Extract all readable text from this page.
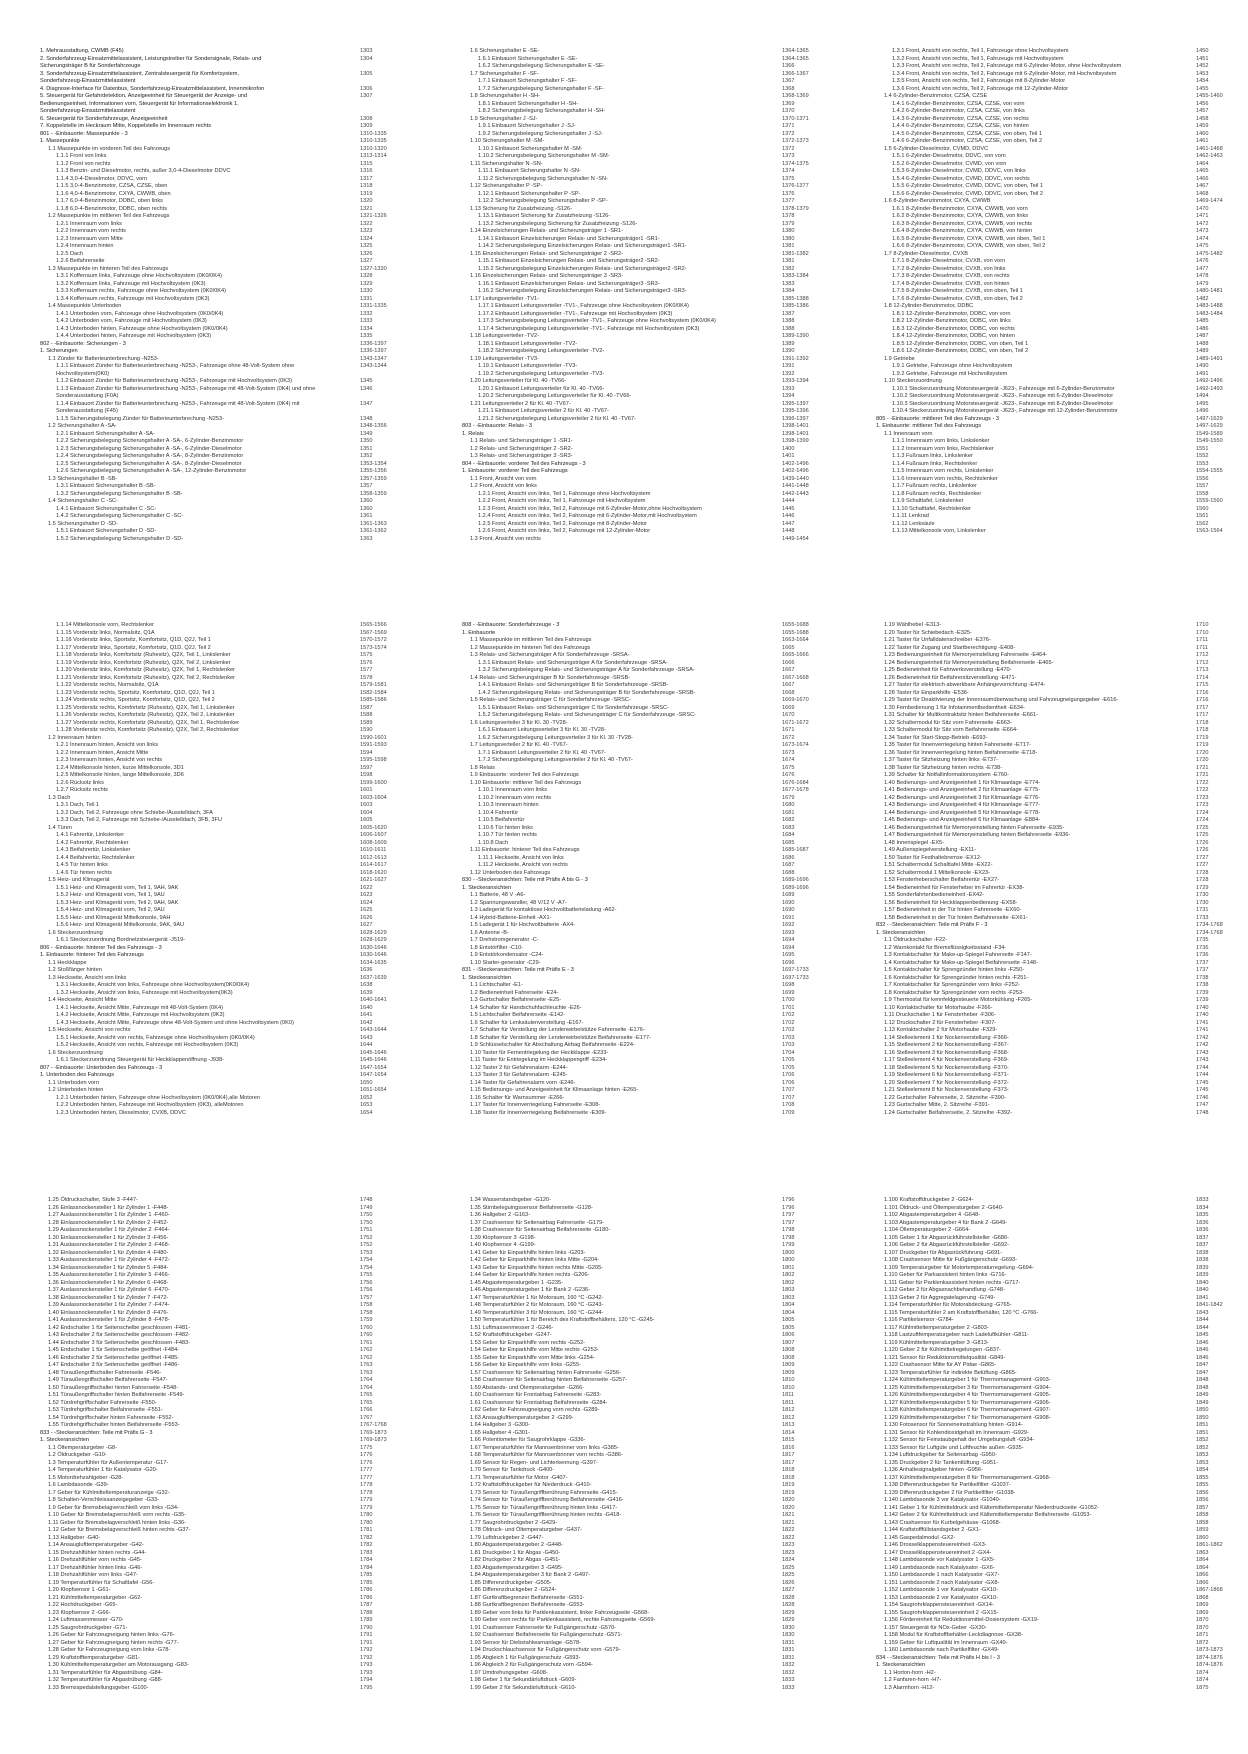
1. Mehrausstattung, CWMB (F45)	1303
2. Sonderfahrzeug-Einsatzmittelassistent, Leistungstreiber für Sondersignale, Relais- und	1304
Sicherungsträger B für Sonderfahrzeuge
3. Sonderfahrzeug-Einsatzmittelassistent, Zentralsteuergerät für Komfortsystem,	1305
Sonderfahrzeug-Einsatzmittelassistent
4. Diagnose-Interface für Datenbus, Sonderfahrzeug-Einsatzmittelassistent, Innenmikrofon	1306
5. Steuergerät für Gefahrdetektion, Anzeigeeinheit für Steuergerät der Anzeige- und	1307
Bedienungseinheit, Informationen vorn, Steuergerät für Informationselektronik 1,
Sonderfahrzeug-Einsatzmittelassistent
6. Steuergerät für Sonderfahrzeuge, Anzeigeeinheit	1308
7. Koppelstelle im Heckraum Mitte, Koppelstelle im Innenraum rechts	1309
801 - -Einbauorte: Massepunkte - 3	1310-1335
1. Massepunkte	1310-1335
1.1 Massepunkte im vorderen Teil des Fahrzeugs	1310-1320
1.1.1 Front von links	1313-1314
1.1.2 Front von rechts	1315
1.1.3 Benzin- und Dieselmotor, rechts, außer 3,0-4-Dieselmotor DDVC	1316
1.1.4 3,0-4-Dieselmotor, DDVC, vorn	1317
1.1.5 3,0-4-Benzinmotor, CZSA, CZSE, oben	1318
1.1.6 4,0-4-Benzinmotor, CXYA, CWWB, oben	1319
1.1.7 6,0-4-Benzinmotor, DDBC, oben links	1320
1.1.8 6,0-4-Benzinmotor, DDBC, oben rechts	1321
1.2 Massepunkte im mittleren Teil des Fahrzeugs	1321-1326
1.2.1 Innenraum vorn links	1322
1.2.2 Innenraum vorn rechts	1323
1.2.3 Innenraum vorn Mitte	1324
1.2.4 Innenraum hinten	1325
1.2.5 Dach	1326
1.2.6 Beifahrerseite	1327
1.3 Massepunkte im hinteren Teil des Fahrzeugs	1327-1330
1.3.1 Kofferraum links, Fahrzeuge ohne Hochvoltsystem (0K0/0K4)	1328
1.3.2 Kofferraum links, Fahrzeuge mit Hochvoltsystem (0K3)	1329
1.3.3 Kofferraum rechts, Fahrzeuge ohne Hochvoltsystem (0K0/0K4)	1330
1.3.4 Kofferraum rechts, Fahrzeuge mit Hochvoltsystem (0K3)	1331
1.4 Massepunkte Unterboden	1331-1335
1.4.1 Unterboden vorn, Fahrzeuge ohne Hochvoltsystem (0K0/0K4)	1332
1.4.2 Unterboden vorn, Fahrzeuge mit Hochvoltsystem (0K3)	1333
1.4.3 Unterboden hinten, Fahrzeuge ohne Hochvoltsystem (0K0/0K4)	1334
1.4.4 Unterboden hinten, Fahrzeuge mit Hochvoltsystem (0K3)	1335
802 - -Einbauorte: Sicherungen - 3	1336-1397
1. Sicherungen	1336-1397
1.1 Zünder für Batterieunterbrechung -N253-	1343-1347
1.1.1 Einbauort Zünder für Batterieunterbrechung -N253-, Fahrzeuge ohne 48-Volt-System ohne	1343-1344
Hochvoltsystem(0K0)
1.1.2 Einbauort Zünder für Batterieunterbrechung -N253-, Fahrzeuge mit Hochvoltsystem (0K3)	1345
1.1.3 Einbauort Zünder für Batterieunterbrechung -N253-, Fahrzeuge mit 48-Volt-System (0K4) und ohne	1346
Sonderausstattung (F0A)
1.1.4 Einbauort Zünder für Batterieunterbrechung -N253-, Fahrzeuge mit 48-Volt-System (0K4) mit	1347
Sonderausstattung (F45)
1.1.5 Sicherungsbelegung Zünder für Batterieunterbrechung -N253-	1348
1.2 Sicherungshalter A -SA-	1348-1356
1.2.1 Einbauort Sicherungshalter A -SA-	1349
1.2.2 Sicherungsbelegung Sicherungshalter A -SA-, 6-Zylinder-Benzinmotor	1350
1.2.3 Sicherungsbelegung Sicherungshalter A -SA-, 6-Zylinder-Dieselmotor	1351
1.2.4 Sicherungsbelegung Sicherungshalter A -SA-, 8-Zylinder-Benzinmotor	1352
1.2.5 Sicherungsbelegung Sicherungshalter A -SA-, 8-Zylinder-Dieselmotor	1353-1354
1.2.6 Sicherungsbelegung Sicherungshalter A -SA-, 12-Zylinder-Benzinmotor	1355-1356
1.3 Sicherungshalter B -SB-	1357-1359
1.3.1 Einbauort Sicherungshalter B -SB-	1357
1.3.2 Sicherungsbelegung Sicherungshalter B -SB-	1358-1359
1.4 Sicherungshalter C -SC-	1360
1.4.1 Einbauort Sicherungshalter C -SC-	1360
1.4.2 Sicherungsbelegung Sicherungshalter C -SC-	1361
1.5 Sicherungshalter D -SD-	1361-1363
1.5.1 Einbauort Sicherungshalter D -SD-	1361-1362
1.5.2 Sicherungsbelegung Sicherungshalter D -SD-	1363
1.6 Sicherungshalter E -SE-	1364-1365
1.6.1 Einbauort Sicherungshalter E -SE-	1364-1365
1.6.2 Sicherungsbelegung Sicherungshalter E -SE-	1366
1.7 Sicherungshalter F -SF-	1366-1367
1.7.1 Einbauort Sicherungshalter F -SF-	1367
1.7.2 Sicherungsbelegung Sicherungshalter F -SF-	1368
1.8 Sicherungshalter H -SH-	1368-1369
1.8.1 Einbauort Sicherungshalter H -SH-	1369
1.8.2 Sicherungsbelegung Sicherungshalter H -SH-	1370
1.9 Sicherungshalter J -SJ-	1370-1371
1.9.1 Einbauort Sicherungshalter J -SJ-	1371
1.9.2 Sicherungsbelegung Sicherungshalter J -SJ-	1372
1.10 Sicherungshalter M -SM-	1372-1373
1.10.1 Einbauort Sicherungshalter M -SM-	1372
1.10.2 Sicherungsbelegung Sicherungshalter M -SM-	1373
1.11 Sicherungshalter N -SN-	1374-1375
1.11.1 Einbauort Sicherungshalter N -SN-	1374
1.11.2 Sicherungsbelegung Sicherungshalter N -SN-	1375
1.12 Sicherungshalter P -SP-	1376-1377
1.12.1 Einbauort Sicherungshalter P -SP-	1376
1.12.2 Sicherungsbelegung Sicherungshalter P -SP-	1377
1.13 Sicherung für Zusatzheizung -S126-	1378-1379
1.13.1 Einbauort Sicherung für Zusatzheizung -S126-	1378
1.13.2 Sicherungsbelegung Sicherung für Zusatzheizung -S126-	1379
1.14 Einzelsicherungen Relais- und Sicherungsträger 1 -SR1-	1380
1.14.1 Einbauort Einzelsicherungen Relais- und Sicherungsträger1 -SR1-	1380
1.14.2 Sicherungsbelegung Einzelsicherungen Relais- und Sicherungsträger1 -SR1-	1381
1.15 Einzelsicherungen Relais- und Sicherungsträger 2 -SR2-	1381-1382
1.15.1 Einbauort Einzelsicherungen Relais- und Sicherungsträger2 -SR2-	1381
1.15.2 Sicherungsbelegung Einzelsicherungen Relais- und Sicherungsträger2 -SR2-	1382
1.16 Einzelsicherungen Relais- und Sicherungsträger 3 -SR3-	1383-1384
1.16.1 Einbauort Einzelsicherungen Relais- und Sicherungsträger3 -SR3-	1383
1.16.2 Sicherungsbelegung Einzelsicherungen Relais- und Sicherungsträger3 -SR3-	1384
1.17 Leitungsverteiler -TV1-	1385-1388
1.17.1 Einbauort Leitungsverteiler -TV1-, Fahrzeuge ohne Hochvoltsystem (0K0/0K4)	1385-1386
1.17.2 Einbauort Leitungsverteiler -TV1-, Fahrzeuge mit Hochvoltsystem (0K3)	1387
1.17.3 Sicherungsbelegung Leitungsverteiler -TV1-, Fahrzeuge ohne Hochvoltsystem (0K0/0K4)	1388
1.17.4 Sicherungsbelegung Leitungsverteiler -TV1-, Fahrzeuge mit Hochvoltsystem (0K3)	1388
1.18 Leitungsverteiler -TV2-	1389-1390
1.18.1 Einbauort Leitungsverteiler -TV2-	1389
1.18.2 Sicherungsbelegung Leitungsverteiler -TV2-	1390
1.19 Leitungsverteiler -TV3-	1391-1392
1.19.1 Einbauort Leitungsverteiler -TV3-	1391
1.19.2 Sicherungsbelegung Leitungsverteiler -TV3-	1392
1.20 Leitungsverteiler für Kl. 40 -TV66-	1393-1394
1.20.1 Einbauort Leitungsverteiler für Kl. 40 -TV66-	1393
1.20.2 Sicherungsbelegung Leitungsverteiler für Kl. 40 -TV66-	1394
1.21 Leitungsverteiler 2 für Kl. 40 -TV67-	1395-1397
1.21.1 Einbauort Leitungsverteiler 2 für Kl. 40 -TV67-	1395-1396
1.21.2 Sicherungsbelegung Leitungsverteiler 2 für Kl. 40 -TV67-	1396-1397
803 - -Einbauorte: Relais - 3	1398-1401
1. Relais	1398-1401
1.1 Relais- und Sicherungsträger 1 -SR1-	1398-1399
1.2 Relais- und Sicherungsträger 2 -SR2-	1400
1.3 Relais- und Sicherungsträger 3 -SR3-	1401
804 - -Einbauorte: vorderer Teil des Fahrzeugs - 3	1402-1496
1. Einbauorte: vorderer Teil des Fahrzeugs	1402-1496
1.1 Front, Ansicht von vorn	1439-1440
1.2 Front, Ansicht von links	1441-1448
1.2.1 Front, Ansicht von links, Teil 1, Fahrzeuge ohne Hochvoltsystem	1442-1443
1.2.2 Front, Ansicht von links, Teil 1, Fahrzeuge mit Hochvoltsystem	1444
1.2.3 Front, Ansicht von links, Teil 2, Fahrzeuge mit 6-Zylinder-Motor,ohne Hochvoltsystem	1445
1.2.4 Front, Ansicht von links, Teil 2, Fahrzeuge mit 6-Zylinder-Motor,mit Hochvoltsystem	1446
1.2.5 Front, Ansicht von links, Teil 2, Fahrzeuge mit 8-Zylinder-Motor	1447
1.2.6 Front, Ansicht von links, Teil 2, Fahrzeuge mit 12-Zylinder-Motor	1448
1.3 Front, Ansicht von rechts	1449-1454
1.3.1 Front, Ansicht von rechts, Teil 1, Fahrzeuge ohne Hochvoltsystem	1450
1.3.2 Front, Ansicht von rechts, Teil 1, Fahrzeuge mit Hochvoltsystem	1451
1.3.3 Front, Ansicht von rechts, Teil 2, Fahrzeuge mit 6-Zylinder-Motor, ohne Hochvoltsystem	1452
1.3.4 Front, Ansicht von rechts, Teil 2, Fahrzeuge mit 6-Zylinder-Motor, mit Hochvoltsystem	1453
1.3.5 Front, Ansicht von rechts, Teil 2, Fahrzeuge mit 8-Zylinder-Motor	1454
1.3.6 Front, Ansicht von rechts, Teil 2, Fahrzeuge mit 12-Zylinder-Motor	1455
1.4 6-Zylinder-Benzinmotor, CZSA, CZSE	1455-1460
1.4.1 6-Zylinder-Benzinmotor, CZSA, CZSE, von vorn	1456
1.4.2 6-Zylinder-Benzinmotor, CZSA, CZSE, von links	1457
1.4.3 6-Zylinder-Benzinmotor, CZSA, CZSE, von rechts	1458
1.4.4 6-Zylinder-Benzinmotor, CZSA, CZSE, von hinten	1459
1.4.5 6-Zylinder-Benzinmotor, CZSA, CZSE, von oben, Teil 1	1460
1.4.6 6-Zylinder-Benzinmotor, CZSA, CZSE, von oben, Teil 2	1461
1.5 6-Zylinder-Dieselmotor, CVMD, DDVC	1461-1468
1.5.1 6-Zylinder-Dieselmotor, DDVC, von vorn	1462-1463
1.5.2 6-Zylinder-Dieselmotor, CVMD, von vorn	1464
1.5.3 6-Zylinder-Dieselmotor, CVMD, DDVC, von links	1465
1.5.4 6-Zylinder-Dieselmotor, CVMD, DDVC, von rechts	1466
1.5.5 6-Zylinder-Dieselmotor, CVMD, DDVC, von oben, Teil 1	1467
1.5.6 6-Zylinder-Dieselmotor, CVMD, DDVC, von oben, Teil 2	1468
1.6 8-Zylinder-Benzinmotor, CXYA, CWWB	1469-1474
1.6.1 8-Zylinder-Benzinmotor, CXYA, CWWB, von vorn	1470
1.6.2 8-Zylinder-Benzinmotor, CXYA, CWWB, von links	1471
1.6.3 8-Zylinder-Benzinmotor, CXYA, CWWB, von rechts	1472
1.6.4 8-Zylinder-Benzinmotor, CXYA, CWWB, von hinten	1473
1.6.5 8-Zylinder-Benzinmotor, CXYA, CWWB, von oben, Teil 1	1474
1.6.6 8-Zylinder-Benzinmotor, CXYA, CWWB, von oben, Teil 2	1475
1.7 8-Zylinder-Dieselmotor, CVXB	1475-1482
1.7.1 8-Zylinder-Dieselmotor, CVXB, von vorn	1476
1.7.2 8-Zylinder-Dieselmotor, CVXB, von links	1477
1.7.3 8-Zylinder-Dieselmotor, CVXB, von rechts	1478
1.7.4 8-Zylinder-Dieselmotor, CVXB, von hinten	1479
1.7.5 8-Zylinder-Dieselmotor, CVXB, von oben, Teil 1	1480-1481
1.7.6 8-Zylinder-Dieselmotor, CVXB, von oben, Teil 2	1482
1.8 12-Zylinder-Benzinmotor, DDBC	1483-1488
1.8.1 12-Zylinder-Benzinmotor, DDBC, von vorn	1483-1484
1.8.2 12-Zylinder-Benzinmotor, DDBC, von links	1485
1.8.3 12-Zylinder-Benzinmotor, DDBC, von rechts	1486
1.8.4 12-Zylinder-Benzinmotor, DDBC, von hinten	1487
1.8.5 12-Zylinder-Benzinmotor, DDBC, von oben, Teil 1	1488
1.8.6 12-Zylinder-Benzinmotor, DDBC, von oben, Teil 2	1489
1.9 Getriebe	1489-1491
1.9.1 Getriebe, Fahrzeuge ohne Hochvoltsystem	1490
1.9.2 Getriebe, Fahrzeuge mit Hochvoltsystem	1491
1.10 Steckerzuordnung	1492-1496
1.10.1 Steckerzuordnung Motorsteuergerät -J623-, Fahrzeuge mit 6-Zylinder-Benzinmotor	1492-1493
1.10.2 Steckerzuordnung Motorsteuergerät -J623-, Fahrzeuge mit 6-Zylinder-Dieselmotor	1494
1.10.3 Steckerzuordnung Motorsteuergerät -J623-, Fahrzeuge mit 8-Zylinder-Dieselmotor	1495
1.10.4 Steckerzuordnung Motorsteuergerät -J623-, Fahrzeuge mit 12-Zylinder-Benzinmotor	1496
805 - -Einbauorte: mittlerer Teil des Fahrzeugs - 3	1497-1629
1. Einbauorte: mittlerer Teil des Fahrzeugs	1497-1629
1.1 Innenraum vorn	1549-1589
1.1.1 Innenraum vorn links, Linkslenker	1549-1550
1.1.2 Innenraum vorn links, Rechtslenker	1551
1.1.3 Fußraum links, Linkslenker	1552
1.1.4 Fußraum links, Rechtslenker	1553
1.1.5 Innenraum vorn rechts, Linkslenker	1554-1555
1.1.6 Innenraum vorn rechts, Rechtslenker	1556
1.1.7 Fußraum rechts, Linkslenker	1557
1.1.8 Fußraum rechts, Rechtslenker	1558
1.1.9 Schalttafel, Linkslenker	1559-1560
1.1.10 Schalttafel, Rechtslenker	1560
1.1.11 Lenkrad	1561
1.1.12 Lenksäule	1562
1.1.13 Mittelkonsole vorn, Linkslenker	1563-1564
1.1.14 Mittelkonsole vorn, Rechtslenker	1565-1566
1.1.15 Vordersitz links, Normalsitz, Q1A	1567-1569
1.1.16 Vordersitz links, Sportsitz, Komfortsitz, Q1D, Q2J, Teil 1	1570-1572
1.1.17 Vordersitz links, Sportsitz, Komfortsitz, Q1D, Q2J, Teil 2	1573-1574
1.1.18 Vordersitz links, Komfortsitz (Ruhesitz), Q2X, Teil 1, Linkslenker	1575
1.1.19 Vordersitz links, Komfortsitz (Ruhesitz), Q2X, Teil 2, Linkslenker	1576
1.1.20 Vordersitz links, Komfortsitz (Ruhesitz), Q2X, Teil 1, Rechtslenker	1577
1.1.21 Vordersitz links, Komfortsitz (Ruhesitz), Q2X, Teil 2, Rechtslenker	1578
1.1.22 Vordersitz rechts, Normalsitz, Q1A	1579-1581
1.1.23 Vordersitz rechts, Sportsitz, Komfortsitz, Q1D, Q2J, Teil 1	1582-1584
1.1.24 Vordersitz rechts, Sportsitz, Komfortsitz, Q1D, Q2J, Teil 2	1585-1586
1.1.25 Vordersitz rechts, Komfortsitz (Ruhesitz), Q2X, Teil 1, Linkslenker	1587
1.1.26 Vordersitz rechts, Komfortsitz (Ruhesitz), Q2X, Teil 2, Linkslenker	1588
1.1.27 Vordersitz rechts, Komfortsitz (Ruhesitz), Q2X, Teil 1, Rechtslenker	1589
1.1.28 Vordersitz rechts, Komfortsitz (Ruhesitz), Q2X, Teil 2, Rechtslenker	1590
1.2 Innenraum hinten	1590-1601
1.2.1 Innenraum hinten, Ansicht von links	1591-1593
1.2.2 Innenraum hinten, Ansicht Mitte	1594
1.2.3 Innenraum hinten, Ansicht von rechts	1595-1598
1.2.4 Mittelkonsole hinten, kurze Mittelkonsole, 3D1	1597
1.2.5 Mittelkonsole hinten, lange Mittelkonsole, 3D6	1598
1.2.6 Rücksitz links	1599-1600
1.2.7 Rücksitz rechts	1601
1.3 Dach	1603-1604
1.3.1 Dach, Teil 1	1603
1.3.2 Dach, Teil 2, Fahrzeuge ohne Schiebe-/Ausstelldach, 3FA	1604
1.3.3 Dach, Teil 2, Fahrzeuge mit Schiebe-/Ausstelldach, 3FB, 3FU	1605
1.4 Türen	1605-1620
1.4.1 Fahrertür, Linkslenker	1606-1607
1.4.2 Fahrertür, Rechtslenker	1608-1609
1.4.3 Beifahrertür, Linkslenker	1610-1611
1.4.4 Beifahrertür, Rechtslenker	1612-1613
1.4.5 Tür hinten links	1614-1617
1.4.6 Tür hinten rechts	1618-1620
1.5 Heiz- und Klimagerät	1621-1627
1.5.1 Heiz- und Klimagerät vorn, Teil 1, 9AH, 9AK	1622
1.5.2 Heiz- und Klimagerät vorn, Teil 1, 9AU	1623
1.5.3 Heiz- und Klimagerät vorn, Teil 2, 9AH, 9AK	1624
1.5.4 Heiz- und Klimagerät vorn, Teil 2, 9AU	1625
1.5.5 Heiz- und Klimagerät Mittelkonsole, 9AH	1626
1.5.6 Heiz- und Klimagerät Mittelkonsole, 9AK, 9AU	1627
1.6 Steckerzuordnung	1628-1629
1.6.1 Steckerzuordnung Bordnetzsteuergerät -J519-	1628-1629
806 - -Einbauorte: hinterer Teil des Fahrzeugs - 3	1630-1646
1. Einbauorte: hinterer Teil des Fahrzeugs	1630-1646
1.1 Heckklappe	1634-1635
1.2 Stoßfänger hinten	1636
1.3 Heckseite, Ansicht von links	1637-1639
1.3.1 Heckseite, Ansicht von links, Fahrzeuge ohne Hochvoltsystem(0K0/0K4)	1638
1.3.2 Heckseite, Ansicht von links, Fahrzeuge mit Hochvoltsystem(0K3)	1639
1.4 Heckseite, Ansicht Mitte	1640-1641
1.4.1 Heckseite, Ansicht Mitte, Fahrzeuge mit 48-Volt-System (0K4)	1640
1.4.2 Heckseite, Ansicht Mitte, Fahrzeuge mit Hochvoltsystem (0K3)	1641
1.4.3 Heckseite, Ansicht Mitte, Fahrzeuge ohne 48-Volt-System und ohne Hochvoltsystem (0K0)	1642
1.5 Heckseite, Ansicht von rechts	1643-1644
1.5.1 Heckseite, Ansicht von rechts, Fahrzeuge ohne Hochvoltsystem (0K0/0K4)	1643
1.5.2 Heckseite, Ansicht von rechts, Fahrzeuge mit Hochvoltsystem (0K3)	1644
1.6 Steckerzuordnung	1645-1646
1.6.1 Steckerzuordnung Steuergerät für Heckklappenöffnung -J938-	1645-1646
807 - -Einbauorte: Unterboden des Fahrzeugs - 3	1647-1654
1. Unterboden des Fahrzeugs	1647-1654
1.1 Unterboden vorn	1650
1.2 Unterboden hinten	1651-1654
1.2.1 Unterboden hinten, Fahrzeuge ohne Hochvoltsystem (0K0/0K4),alle Motoren	1652
1.2.2 Unterboden hinten, Fahrzeuge mit Hochvoltsystem (0K3), alleMotoren	1653
1.2.3 Unterboden hinten, Dieselmotor, CVXB, DDVC	1654
808 - -Einbauorte: Sonderfahrzeuge - 3	1655-1688
1. Einbauorte	1655-1688
1.1 Massepunkte im mittleren Teil des Fahrzeugs	1663-1664
1.2 Massepunkte im hinteren Teil des Fahrzeugs	1665
1.3 Relais- und Sicherungsträger A für Sonderfahrzeuge -SRSA-	1665-1666
1.3.1 Einbauort Relais- und Sicherungsträger A für Sonderfahrzeuge -SRSA-	1666
1.3.2 Sicherungsbelegung Relais- und Sicherungsträger A für Sonderfahrzeuge -SRSA-	1667
1.4 Relais- und Sicherungsträger B für Sonderfahrzeuge -SRSB-	1667-1668
1.4.1 Einbauort Relais- und Sicherungsträger B für Sonderfahrzeuge -SRSB-	1667
1.4.2 Sicherungsbelegung Relais- und Sicherungsträger B für Sonderfahrzeuge -SRSB-	1668
1.5 Relais- und Sicherungsträger C für Sonderfahrzeuge -SRSC-	1669-1670
1.5.1 Einbauort Relais- und Sicherungsträger C für Sonderfahrzeuge -SRSC-	1669
1.5.2 Sicherungsbelegung Relais- und Sicherungsträger C für Sonderfahrzeuge -SRSC-	1670
1.6 Leitungsverteiler 3 für Kl. 30 -TV28-	1671-1672
1.6.1 Einbauort Leitungsverteiler 3 für Kl. 30 -TV28-	1671
1.6.2 Sicherungsbelegung Leitungsverteiler 3 für Kl. 30 -TV28-	1672
1.7 Leitungsverteiler 2 für Kl. 40 -TV67-	1673-1674
1.7.1 Einbauort Leitungsverteiler 2 für Kl. 40 -TV67-	1673
1.7.2 Sicherungsbelegung Leitungsverteiler 2 für Kl. 40 -TV67-	1674
1.8 Relais	1675
1.9 Einbauorte: vorderer Teil des Fahrzeugs	1676
1.10 Einbauorte: mittlerer Teil des Fahrzeugs	1676-1684
1.10.1 Innenraum vorn links	1677-1678
1.10.2 Innenraum vorn rechts	1679
1.10.3 Innenraum hinten	1680
1.10.4 Fahrertür	1681
1.10.5 Beifahrertür	1682
1.10.6 Tür hinten links	1683
1.10.7 Tür hinten rechts	1684
1.10.8 Dach	1685
1.11 Einbauorte: hinterer Teil des Fahrzeugs	1685-1687
1.11.1 Heckseite, Ansicht von links	1686
1.11.2 Heckseite, Ansicht von rechts	1687
1.12 Unterboden des Fahrzeugs	1688
830 - -Steckeransichten: Teile mit Präfix A bis G - 3	1689-1696
1. Steckeransichten	1689-1696
1.1 Batterie, 48 V -A6-	1689
1.2 Spannungswandler, 48 V/12 V -A7-	1690
1.3 Ladegerät für kontaktlose Hochvoltbatterieladung -A62-	1690
1.4 Hybrid-Batterie-Einheit -AX1-	1691
1.5 Ladegerät 1 für Hochvoltbatterie -AX4-	1692
1.6 Antenne -B-	1693
1.7 Drehstromgenerator -C-	1694
1.8 Entstörfilter -C10-	1694
1.9 Entstörkondensator -C24-	1695
1.10 Starter-generator -C29-	1696
831 - -Steckeransichten: Teile mit Präfix E - 3	1697-1733
1. Steckeransichten	1697-1733
1.1 Lichtschalter -E1-	1698
1.2 Bedieneinheit Fahrerseite -E24-	1699
1.3 Gurtschalter Beifahrerseite -E25-	1700
1.4 Schalter für Handschuhfachleuchte -E26-	1701
1.5 Lichtschalter Beifahrerseite -E142-	1702
1.6 Schalter für Lenksäulenverstellung -E167-	1702
1.7 Schalter für Verstellung der Lendenwirbelstütze Fahrerseite -E176-	1702
1.8 Schalter für Verstellung der Lendenwirbelstütze Beifahrerseite -E177-	1703
1.9 Schlüsselschalter für Abschaltung Airbag Beifahrerseite -E224-	1703
1.10 Taster für Fernentriegelung der Heckklappe -E233-	1704
1.11 Taster für Entriegelung im Heckklappengriff -E234-	1705
1.12 Taster 2 für Gefahrenalarm -E244-	1705
1.13 Taster 3 für Gefahrenalarm -E245-	1706
1.14 Taster für Gefahrenalarm vorn -E246-	1706
1.15 Bedienungs- und Anzeigeeinheit für Klimaanlage hinten -E265-	1707
1.16 Schalter für Warnsummer -E266-	1707
1.17 Taster für Innenverriegelung Fahrerseite -E308-	1708
1.18 Taster für Innenverriegelung Beifahrerseite -E309-	1709
1.19 Wählhebel -E313-	1710
1.20 Taster für Schiebedach -E325-	1710
1.21 Taster für Unfalldatenschreiber -E376-	1711
1.22 Taster für Zugang und Startberechtigung -E408-	1711
1.23 Bedienungseinheit für Memoryeinstellung Fahrerseite -E464-	1712
1.24 Bedienungseinheit für Memoryeinstellung Beifahrerseite -E465-	1712
1.25 Bedieneinheit für Fahrwerksverstellung -E470-	1713
1.26 Bedieneinheit für Beifahrersitzverstellung -E471-	1714
1.27 Taster für elektrisch abwerkbare Anhängevorrichtung -E474-	1715
1.28 Taster für Einparkhilfe -E536-	1716
1.29 Taster für Deaktivierung der Innenraumüberwachung und Fahrzeugneigungsgeber -E616-	1716
1.30 Fernbedienung 1 für Infotainmentbedientheit -E634-	1717
1.31 Schalter für Multikontraktsitz hinten Beifahrerseite -E661-	1717
1.32 Schaltermodul für Sitz vorn Fahrerseite -E663-	1718
1.33 Schaltermodul für Sitz vorn Beifahrerseite -E664-	1718
1.34 Taster für Start-Stopp-Betrieb -E693-	1719
1.35 Taster für Innenverriegelung hinten Fahrerseite -E717-	1719
1.36 Taster für Innenverriegelung hinten Beifahrerseite -E718-	1720
1.37 Taster für Sitzheizung hinten links -E737-	1720
1.38 Taster für Sitzheizung hinten rechts -E738-	1721
1.39 Schalter für Notfallinformationssystem -E760-	1721
1.40 Bedienungs- und Anzeigeeinheit 1 für Klimaanlage -E774-	1722
1.41 Bedienungs- und Anzeigeeinheit 2 für Klimaanlage -E775-	1722
1.42 Bedienungs- und Anzeigeeinheit 3 für Klimaanlage -E776-	1723
1.43 Bedienungs- und Anzeigeeinheit 4 für Klimaanlage -E777-	1723
1.44 Bedienungs- und Anzeigeeinheit 5 für Klimaanlage -E778-	1724
1.45 Bedienungs- und Anzeigeeinheit 6 für Klimaanlage -E884-	1724
1.46 Bedienungseinheit für Memoryeinstellung hinten Fahrerseite -E935-	1725
1.47 Bedienungseinheit für Memoryeinstellung hinten Beifahrerseite -E936-	1725
1.48 Innenspiegel -EX5-	1726
1.49 Außenspiegelverstellung -EX11-	1726
1.50 Taster für Festhaltebremse -EX12-	1727
1.51 Schaltermodul Schalttafel Mitte -EX22-	1727
1.52 Schaltermodul 1 Mittelkonsole -EX23-	1728
1.53 Fensterheberschalter Beifahrertür -EX27-	1728
1.54 Bedieneinheit für Fensterheber im Fahrertür -EX38-	1729
1.55 Sonderfahrtenbedieneinheit -EX42-	1730
1.56 Bedieneinheit für Heckklappenbedienung -EX58-	1730
1.57 Bedieneinheit in der Tür hinten Fahrerseite -EX60-	1731
1.58 Bedieneinheit in der Tür hinten Beifahrerseite -EX61-	1733
832 - -Steckeransichten: Teile mit Präfix F - 3	1734-1768
1. Steckeransichten	1734-1768
1.1 Öldruckschalter -F22-	1735
1.2 Warnkontakt für Bremsflüssigkeitsstand -F34-	1736
1.3 Kontaktschalter für Make-up-Spiegel Fahrerseite -F147-	1736
1.4 Kontaktschalter für Make-up-Spiegel Beifahrerseite -F148-	1737
1.5 Kontaktschalter für Sprengzünder hinten links -F250-	1737
1.6 Kontaktschalter für Sprengzünder hinten rechts -F251-	1738
1.7 Kontaktschalter für Sprengzünder vorn links -F252-	1738
1.8 Kontaktschalter für Sprengzünder vorn rechts -F253-	1739
1.9 Thermostat für kennfeldgesteuerte Motorkühlung -F265-	1739
1.10 Kontaktschalter für Motorhaube -F266-	1740
1.11 Druckschalter 1 für Fensterheber -F306-	1740
1.12 Druckschalter 2 für Fensterheber -F307-	1741
1.13 Kontaktschalter 2 für Motorhaube -F329-	1741
1.14 Stelleelement 1 für Nockenverstellung -F366-	1742
1.15 Stelleelement 2 für Nockenverstellung -F367-	1742
1.16 Stelleelement 3 für Nockenverstellung -F368-	1743
1.17 Stelleelement 4 für Nockenverstellung -F369-	1743
1.18 Stelleelement 5 für Nockenverstellung -F370-	1744
1.19 Stelleelement 6 für Nockenverstellung -F371-	1744
1.20 Stelleelement 7 für Nockenverstellung -F372-	1745
1.21 Stelleelement 8 für Nockenverstellung -F373-	1745
1.22 Gurtschalter Fahrerseite, 2. Sitzreihe -F390-	1746
1.23 Gurtschalter Mitte, 2. Sitzreihe -F391-	1747
1.24 Gurtschalter Beifahrerseite, 2. Sitzreihe -F392-	1748
1.25 Öldruckschalter, Stufe 3 -F447-	1748
1.26 Einlassnockensteller 1 für Zylinder 1 -F448-	1749
1.27 Auslassnockensteller 1 für Zylinder 1 -F460-	1750
1.28 Einlassnockensteller 1 für Zylinder 2 -F452-	1750
1.29 Auslassnockensteller 1 für Zylinder 2 -F464-	1751
1.30 Einlassnockensteller 1 für Zylinder 3 -F456-	1752
1.31 Auslassnockensteller 1 für Zylinder 3 -F468-	1752
1.32 Einlassnockensteller 1 für Zylinder 4 -F480-	1753
1.33 Auslassnockensteller 1 für Zylinder 4 -F472-	1754
1.34 Einlassnockensteller 1 für Zylinder 5 -F484-	1754
1.35 Auslassnockensteller 1 für Zylinder 5 -F466-	1755
1.36 Einlassnockensteller 1 für Zylinder 6 -F468-	1756
1.37 Auslassnockensteller 1 für Zylinder 6 -F470-	1756
1.38 Einlassnockensteller 1 für Zylinder 7 -F472-	1757
1.39 Auslassnockensteller 1 für Zylinder 7 -F474-	1758
1.40 Einlassnockensteller 1 für Zylinder 8 -F476-	1758
1.41 Auslassnockensteller 1 für Zylinder 8 -F478-	1759
1.42 Endschalter 1 für Seitenschelbe geschlossen -F481-	1760
1.43 Endschalter 2 für Seitenscheibe geschlossen -F482-	1760
1.44 Endschalter 3 für Seitenscheibe geschlossen -F483-	1761
1.45 Endschalter 1 für Seitenscheibe geöffnet -F484-	1762
1.46 Endschalter 2 für Seitenscheibe geöffnet -F485-	1762
1.47 Endschalter 3 für Seitenscheibe geöffnet -F486-	1763
1.48 Türaußengriffschalter Fahrerseite -F546-	1763
1.49 Türaußengriffschalter Beifahrerseite -F547-	1764
1.50 Türaußengriffschalter hinten Fahrerseite -F548-	1764
1.51 Türaußengriffschalter hinten Beifahrerseite -F549-	1765
1.52 Türdrehgriffschalter Fahrerseite -F550-	1765
1.53 Türdrehgriffschalter Beifahrerseite -F551-	1766
1.54 Türdrehgriffschalter hinten Fahrerseite -F552-	1767
1.55 Türdrehgriffschalter hinten Beifahrerseite -F553-	1767-1768
833 - -Steckeransichten: Teile mit Präfix G - 3	1769-1873
1. Steckeransichten	1769-1873
1.1 Öltemperaturgeber -G8-	1775
1.2 Öldruckgeber -G10-	1776
1.3 Temperaturfühler für Außentemperatur -G17-	1776
1.4 Temperaturfühler 1 für Katalysator -G20-	1777
1.5 Motordrehzahlgeber -G28-	1777
1.6 Lambdasonde -G39-	1778
1.7 Geber für Kühlmitteltemperaturanzeige -G32-	1778
1.8 Schalten-Verschleissanzeigegeber -G33-	1779
1.9 Geber für Bremsbelagverschleiß vorn links -G34-	1779
1.10 Geber für Bremsbelagverschleiß vorn rechts -G35-	1780
1.11 Geber für Bremsbelagverschleiß hinten links -G36-	1780
1.12 Geber für Bremsbelagverschleiß hinten rechts -G37-	1781
1.13 Hallgeber -G40-	1782
1.14 Ansauglufttemperaturgeber -G42-	1782
1.15 Drehzahlfühler hinten rechts -G44-	1783
1.16 Drehzahlfühler vorn rechts -G45-	1784
1.17 Drehzahlfühler hinten links -G46-	1784
1.18 Drehzahlfühler vorn links -G47-	1785
1.19 Temperaturfühler für Schalttafel -G56-	1785
1.20 Klopfsensor 1 -G61-	1786
1.21 Kühlmitteltemperaturgeber -G62-	1786
1.22 Hochdruckgeber -G65-	1787
1.23 Klopfsensor 2 -G66-	1788
1.24 Luftmassenmesser -G70-	1789
1.25 Saugrohrdruckgeber -G71-	1790
1.26 Geber für Fahrzeugneigung hinten links -G76-	1791
1.27 Geber für Fahrzeugneigung hinten rechts -G77-	1791
1.28 Geber für Fahrzeugneigung vorn links -G78-	1792
1.29 Kraftstofftemperaturgeber -G81-	1792
1.30 Kühlmitteltemperaturgeber am Motorausgang -G83-	1793
1.31 Temperaturfühler für Abgastrübung -G84-	1793
1.32 Temperaturfühler für Abgastrübung -G88-	1794
1.33 Bremsspedalstellungsgeber -G100-	1795
1.34 Wasserstandsgeber -G120-	1796
1.35 Stirnbeleguingssensor Beifahrerseite -G128-	1796
1.36 Hallgeber 2 -G163-	1797
1.37 Crashsensor für Seitenairbag Fahrerseite -G179-	1797
1.38 Crashsensor für Seitenairbag Beifahrerseite -G180-	1798
1.39 Klopfsensor 3 -G198-	1798
1.40 Klopfsensor 4 -G199-	1799
1.41 Geber für Einparkhilfe hinten links -G203-	1800
1.42 Geber für Einparkhilfe hinten links Mitte -G204-	1800
1.43 Geber für Einparkhilfe hinten rechts Mitte -G205-	1801
1.44 Geber für Einparkhilfe hinten rechts -G206-	1802
1.45 Abgastemperaturgeber 1 -G235-	1802
1.46 Abgastemperaturgeber 1 für Bank 2 -G236-	1803
1.47 Temperaturfühler 1 für Motoraum, 160 °C -G242-	1803
1.48 Temperaturfühler 2 für Motoraum, 160 °C -G243-	1804
1.49 Temperaturfühler 3 für Motoraum, 160 °C -G244-	1804
1.50 Temperaturfühler 1 für Bereich des Kraftstoffbehälters, 120 °C -G245-	1805
1.51 Luftmassenmesser 2 -G246-	1805
1.52 Kraftstoffdruckgeber -G247-	1806
1.53 Geber für Einparkhilfe vorn rechts -G252-	1807
1.54 Geber für Einparkhilfe vorn Mitte rechts -G253-	1808
1.55 Geber für Einparkhilfe vorn Mitte links -G254-	1808
1.56 Geber für Einparkhilfe vorn links -G255-	1809
1.57 Crashsensor für Seitenairbag hinten Fahrerseite -G256-	1809
1.58 Crashsensor für Seitenairbag hinten Beifahrerseite -G257-	1810
1.59 Abstands- und Ölemperaturgeber -G266-	1810
1.60 Crashsensor für Frontairbag Fahrerseite -G283-	1811
1.61 Crashsensor für Frontairbag Beifahrerseite -G284-	1811
1.62 Geber für Fahrzeugneigung vorn rechts -G289-	1812
1.63 Ansauglufttemperaturgeber 2 -G299-	1812
1.64 Hallgeber 3 -G300-	1813
1.65 Hallgeber 4 -G301-	1814
1.66 Potentiometer für Saugrohrklappe -G336-	1815
1.67 Temperaturfühler für Mannsenbrinner vorn links -G385-	1816
1.68 Temperaturfühler für Mannsenbrinner vorn rechts -G386-	1817
1.69 Sensor für Regen- und Lichterkennung -G397-	1817
1.70 Sensor für Tankdruck -G400-	1818
1.71 Temperaturfühler für Motor -G407-	1818
1.72 Kraftstoffdruckgeber für Niederdruck -G410-	1819
1.73 Sensor für Türaußengriffberührung Fahrerseite -G415-	1819
1.74 Sensor für Türaußengriffberührung Beifahrerseite -G416-	1820
1.75 Sensor für Türaußengriffberührung hinten links -G417-	1820
1.76 Sensor für Türaußengriffberührung hinten rechts -G418-	1821
1.77 Saugrohrdruckgeber 2 -G429-	1821
1.78 Öldruck- und Öltemperaturgeber -G437-	1822
1.79 Luftdruckgeber 2 -G447-	1822
1.80 Abgastemperaturgeber 2 -G448-	1823
1.81 Druckgeber 1 für Abgas -G450-	1823
1.82 Druckgeber 2 für Abgas -G451-	1824
1.83 Abgastemperaturgeber 3 -G495-	1825
1.84 Abgastemperaturgeber 3 für Bank 2 -G497-	1825
1.85 Differenzdruckgeber -G505-	1826
1.86 Differenzdruckgeber 2 -G524-	1827
1.87 Gurtkraftbegrenzer Beifahrerseite -G551-	1828
1.88 Gurtkraftbegrenzer Beifahrerseite -G553-	1828
1.89 Geber vorn links für Parklenkassistent, linker Fahrzeugseite -G568-	1829
1.90 Geber vorn rechts für Parklenkassistent, rechte Fahrzeugseite -G569-	1829
1.91 Crashsensor Fahrerseite für Fußgängerschutz -G570-	1830
1.92 Crashsensor Beifahrerseite für Fußgängerschutz -G571-	1830
1.93 Sensor für Diebstahlwarnanlage -G578-	1831
1.94 Druckschlauchsensor für Fußgängerschutz vorn -G579-	1831
1.95 Abgleich 1 für Fußgängerschutz -G593-	1831
1.96 Abgleich 2 für Fußgängerschutz vorn -G594-	1832
1.97 Umdrehungsgeber -G608-	1832
1.98 Geber 1 für Sekundärluftdruck -G609-	1833
1.99 Geber 2 für Sekundärluftdruck -G610-	1833
1.100 Kraftstoffdruckgeber 2 -G624-	1833
1.101 Öldruck- und Öltemperaturgeber 2 -G640-	1834
1.102 Abgastemperaturgeber 4 -G648-	1835
1.103 Abgastemperaturgeber 4 für Bank 2 -G649-	1836
1.104 Öltemperaturgeber 2 -G664-	1836
1.105 Geber 1 für Abgasrückführstellsteller -G686-	1837
1.106 Geber 2 für Abgasrückführstellsteller -G692-	1837
1.107 Druckgeber für Abgasrückführung -G691-	1838
1.108 Crashsensor Mitte für Fußgängerschutz -G693-	1838
1.109 Temperaturgeber für Motortemperaturregelung -G694-	1839
1.110 Geber für Parkassistent hinten links -G716-	1839
1.111 Geber für Parklenkassistent hinten rechts -G717-	1840
1.112 Geber 2 für Abgasnachbehandlung -G748-	1840
1.113 Geber 2 für Aggregatelagerung -G749-	1841
1.114 Temperaturfühler für Motorabdeckung -G765-	1841-1842
1.115 Temperaturfühler 2 am Kraftstoffbehälter, 120 °C -G766-	1843
1.116 Partikelsensor -G784-	1844
1.117 Kühlmitteltemperaturgeber 2 -G803-	1844
1.118 Lastzuftfemperaturgeber nach Ladeluftkühler -G811-	1845
1.119 Kühlmitteltemperaturgeber 3 -G813-	1846
1.120 Geber 2 für Kühlmittelregelungen -G837-	1846
1.121 Sensor für Reduktionsmittelqualität -G849-	1846
1.122 Crashsensor Mitte für AY Pidae -G865-	1847
1.123 Temperaturfühler für indirekte Belüftung -G865-	1847
1.124 Kühlmitteltemperaturgeber 1 für Thermomanagement -G903-	1848
1.125 Kühlmitteltemperaturgeber 3 für Thermomanagement -G904-	1848
1.126 Kühlmitteltemperaturgeber 4 für Thermomanagement -G905-	1849
1.127 Kühlmitteltemperaturgeber 5 für Thermomanagement -G906-	1849
1.128 Kühlmitteltemperaturgeber 6 für Thermomanagement -G907-	1850
1.129 Kühlmitteltemperaturgeber 7 für Thermomanagement -G908-	1850
1.130 Fotosensor für Sonneneinstrahlung hinten -G914-	1851
1.131 Sensor für Kohlendioxidgehalt im Innenraum -G929-	1851
1.132 Sensor für Feinstaubgehalt der Umgebungsluft -G934-	1852
1.133 Sensor für Luftgüte und Luftfeuchte außen -G935-	1852
1.134 Luftdruckgeber für Seitenairbag -G950-	1853
1.135 Druckgeber 2 für Tankentlüftung -G951-	1853
1.136 Anhaltesignalgeber hinten -G956-	1854
1.137 Kühlmitteltemperaturgeber 8 für Thermomanagement -G968-	1855
1.138 Differenzdruckgeber für Partikelfilter -G1037-	1855
1.139 Differenzdruckgeber 2 für Partikelfilter -G1038-	1856
1.140 Lambdasonde 3 vor Katalysator -G1040-	1856
1.141 Geber 1 für Kühlmitteldruck und Kältemitteltemperatur Niederdruckseite -G1052-	1857
1.142 Geber 2 für Kühlmitteldruck und Kältemitteltemperatur Beifahrerseite -G1053-	1858
1.143 Crashsensor für Kurbelgehäuse -G1068-	1858
1.144 Kraftstofffüllstandsgeber 2 -GX1-	1859
1.145 Gaspedalmodul -GX2-	1860
1.146 Drosselklappensteuereinheit -GX3-	1861-1862
1.147 Drosselklappensteuereinheit 2 -GX4-	1863
1.148 Lambdasonde vor Katalysator 1 -GX5-	1864
1.149 Lambdasonde nach Katalysator -GX6-	1864
1.150 Lambdasonde 1 nach Katalysator -GX7-	1866
1.151 Lambdasonde 2 nach Katalysator -GX8-	1866
1.152 Lambdasonde 1 vor Katalysator -GX10-	1867-1868
1.153 Lambdasonde 2 vor Katalysator -GX10-	1868
1.154 Saugrohrklappensteuereinheit -GX14-	1869
1.155 Saugrohrklappensteuereinheit 2 -GX15-	1869
1.156 Fördereinheit für Reduktionsmittel-Dosiersystem -GX19-	1870
1.157 Steuergerät für NOx-Geber -GX30-	1870
1.158 Modul für Kraftstoffbehälter-Leckdiagnose -GX38-	1871
1.159 Geber für Luftqualität im Innenraum -GX40-	1872
1.160 Lambdasonde nach Partikelfilter -GX49-	1873-1873
834 - -Steckeransichten: Teile mit Präfix H bis I - 3	1874-1876
1. Steckeransichten	1874-1876
1.1 Horton-horn -H2-	1874
1.2 Fanfaren-horn -H7-	1874
1.3 Alarmhorn -H12-	1875
